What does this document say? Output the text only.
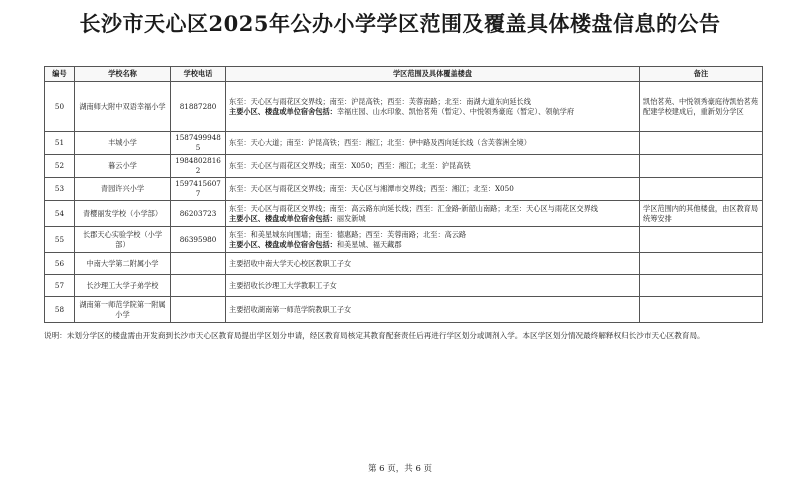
长沙市天心区2025年公办小学学区范围及覆盖具体楼盘信息的公告
编号	学校名称	学校电话	学区范围及具体覆盖楼盘	备注
50	湖南师大附中双语幸福小学	81887280	东至：天心区与雨花区交界线；南至：沪昆高铁；西至：芙蓉南路；北至：南湖大道东向延长线
主要小区、楼盘或单位宿舍包括：幸福庄园、山水印象、凯怡茗苑（暂定）、中悦领秀豪庭（暂定）、领航学府	凯怡茗苑、中悦领秀豪庭待凯怡茗苑配建学校建成后，重新划分学区
51	丰城小学	15874999485	东至：天心大道；南至：沪昆高铁；西至：湘江；北至：伊中路及西向延长线（含芙蓉洲全境）	
52	暮云小学	19848028162	东至：天心区与雨花区交界线；南至：X050；西至：湘江；北至：沪昆高铁	
53	青园许兴小学	15974156077	东至：天心区与雨花区交界线；南至：天心区与湘潭市交界线；西至：湘江；北至：X050	
54	青樱丽发学校（小学部）	86203723	东至：天心区与雨花区交界线；南至：高云路东向延长线；西至：汇金路-新韶山南路；北至：天心区与雨花区交界线
主要小区、楼盘或单位宿舍包括：丽发新城	学区范围内的其他楼盘，由区教育局统筹安排
55	长郡天心实验学校（小学部）	86395980	东至：和美星城东向围墙；南至：德惠路；西至：芙蓉南路；北至：高云路
主要小区、楼盘或单位宿舍包括：和美星城、福天藏郡	
56	中南大学第二附属小学		主要招收中南大学天心校区教职工子女	
57	长沙理工大学子弟学校		主要招收长沙理工大学教职工子女	
58	湖南第一师范学院第一附属小学		主要招收湖南第一师范学院教职工子女	
说明：未划分学区的楼盘需由开发商到长沙市天心区教育局提出学区划分申请，经区教育局核定其教育配套责任后再进行学区划分或调剂入学。本区学区划分情况最终解释权归长沙市天心区教育局。
第 6 页，共 6 页
